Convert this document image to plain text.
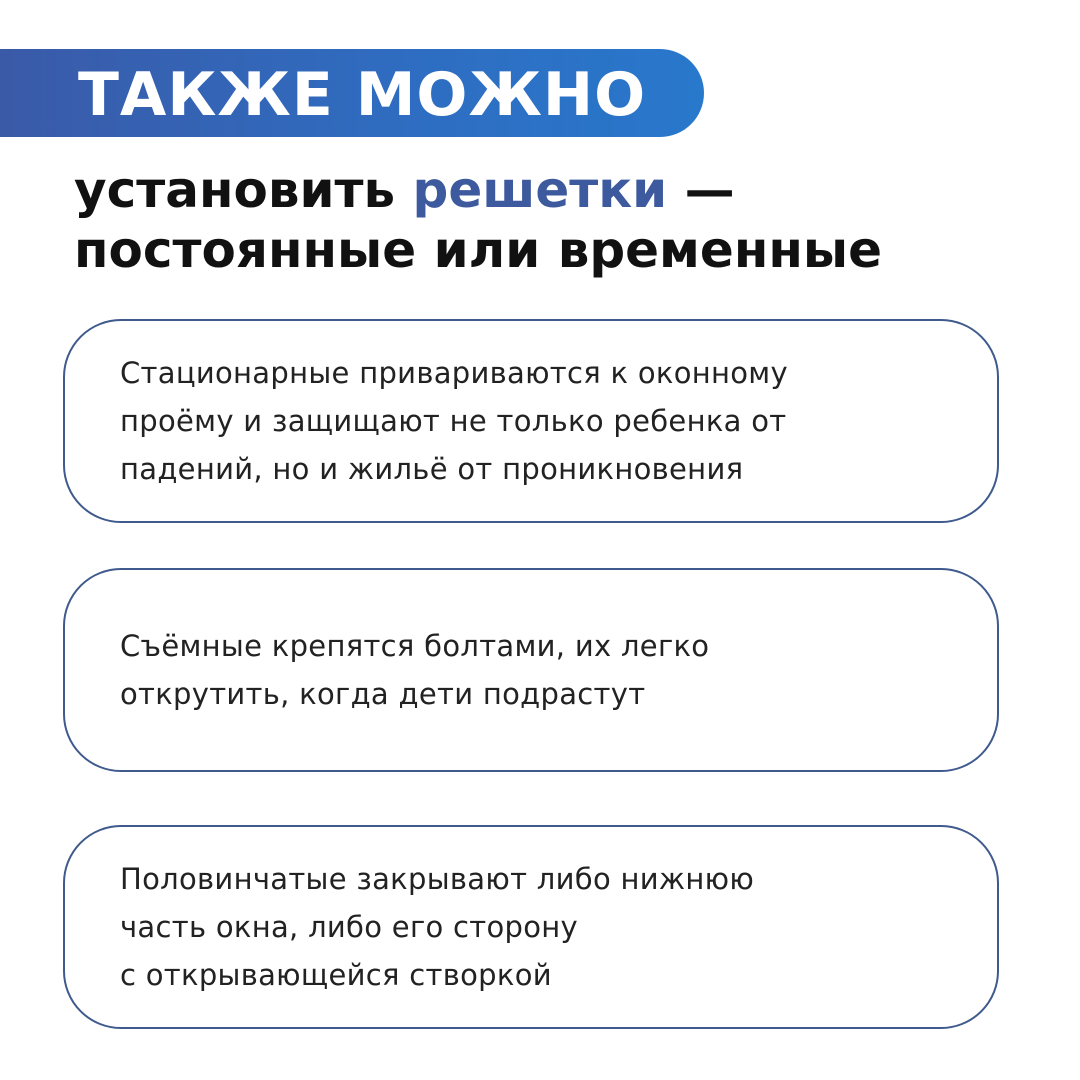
ТАКЖЕ МОЖНО
установить решетки —
постоянные или временные
Стационарные привариваются к оконному
проёму и защищают не только ребенка от
падений, но и жильё от проникновения
Съёмные крепятся болтами, их легко
открутить, когда дети подрастут
Половинчатые закрывают либо нижнюю
часть окна, либо его сторону
с открывающейся створкой
